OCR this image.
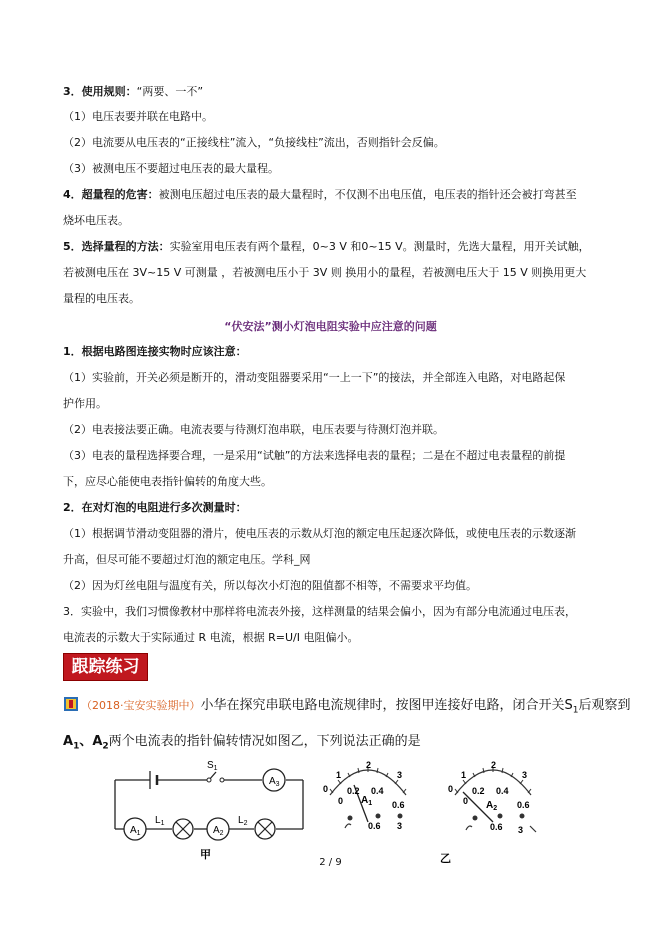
3．使用规则：“两要、一不”
（1）电压表要并联在电路中。
（2）电流要从电压表的“正接线柱”流入，“负接线柱”流出，否则指针会反偏。
（3）被测电压不要超过电压表的最大量程。
4．超量程的危害：被测电压超过电压表的最大量程时，不仅测不出电压值，电压表的指针还会被打弯甚至
烧坏电压表。
5．选择量程的方法：实验室用电压表有两个量程，0~3 V 和0~15 V。测量时，先选大量程，用开关试触，
若被测电压在 3V~15 V 可测量 ，若被测电压小于 3V 则 换用小的量程，若被测电压大于 15 V 则换用更大
量程的电压表。
“伏安法”测小灯泡电阻实验中应注意的问题
1．根据电路图连接实物时应该注意：
（1）实验前，开关必须是断开的，滑动变阻器要采用“一上一下”的接法，并全部连入电路，对电路起保
护作用。
（2）电表接法要正确。电流表要与待测灯泡串联，电压表要与待测灯泡并联。
（3）电表的量程选择要合理，一是采用“试触”的方法来选择电表的量程；二是在不超过电表量程的前提
下，应尽心能使电表指针偏转的角度大些。
2．在对灯泡的电阻进行多次测量时：
（1）根据调节滑动变阻器的滑片，使电压表的示数从灯泡的额定电压起逐次降低，或使电压表的示数逐渐
升高，但尽可能不要超过灯泡的额定电压。学科_网
（2）因为灯丝电阻与温度有关，所以每次小灯泡的阻值都不相等，不需要求平均值。
3．实验中，我们习惯像教材中那样将电流表外接，这样测量的结果会偏小，因为有部分电流通过电压表，
电流表的示数大于实际通过 R 电流，根据 R=U/I 电阻偏小。
跟踪练习
（2018·宝安实验期中）小华在探究串联电路电流规律时，按图甲连接好电路，闭合开关$S_1$后观察到
$A_1$、$A_2$两个电流表的指针偏转情况如图乙，下列说法正确的是
$S_1$
$A_3$
$A_1$
$L_1$
$A_2$
$L_2$
甲
0
1
2
3
0
0.2 0.4
0.6
$A_1$
0.6 3
0
1
2
3
0
0.2 0.4
0.6
$A_2$
0.6 3
乙
2 / 9
